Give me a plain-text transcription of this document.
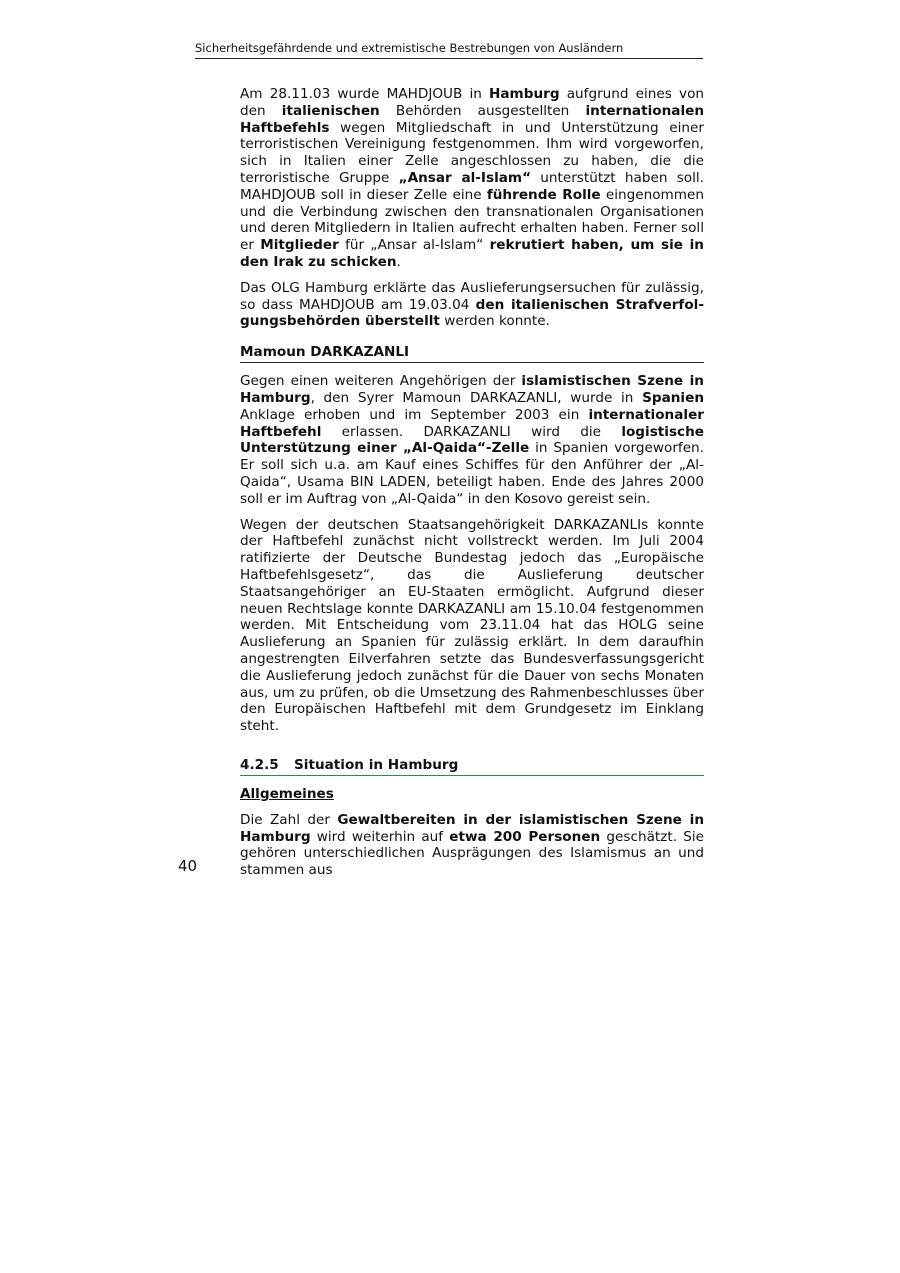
Sicherheitsgefährdende und extremistische Bestrebungen von Ausländern

Am 28.11.03 wurde MAHDJOUB in Hamburg aufgrund eines von den italienischen Behörden ausgestellten internationalen Haftbefehls wegen Mitgliedschaft in und Unterstützung einer terroristischen Vereinigung festgenommen. Ihm wird vorgeworfen, sich in Italien einer Zelle angeschlossen zu haben, die die terroristische Gruppe „Ansar al-Islam“ unterstützt haben soll. MAHDJOUB soll in dieser Zelle eine führende Rolle eingenommen und die Verbindung zwischen den transnationalen Organisationen und deren Mitgliedern in Italien aufrecht erhalten haben. Ferner soll er Mitglieder für „Ansar al-Islam“ rekrutiert haben, um sie in den Irak zu schicken.

Das OLG Hamburg erklärte das Auslieferungsersuchen für zulässig, so dass MAHDJOUB am 19.03.04 den italienischen Strafverfolgungsbehörden überstellt werden konnte.

Mamoun DARKAZANLI

Gegen einen weiteren Angehörigen der islamistischen Szene in Hamburg, den Syrer Mamoun DARKAZANLI, wurde in Spanien Anklage erhoben und im September 2003 ein internationaler Haftbefehl erlassen. DARKAZANLI wird die logistische Unterstützung einer „Al-Qaida“-Zelle in Spanien vorgeworfen. Er soll sich u.a. am Kauf eines Schiffes für den Anführer der „Al-Qaida“, Usama BIN LADEN, beteiligt haben. Ende des Jahres 2000 soll er im Auftrag von „Al-Qaida“ in den Kosovo gereist sein.

Wegen der deutschen Staatsangehörigkeit DARKAZANLIs konnte der Haftbefehl zunächst nicht vollstreckt werden. Im Juli 2004 ratifizierte der Deutsche Bundestag jedoch das „Europäische Haftbefehlsgesetz“, das die Auslieferung deutscher Staatsangehöriger an EU-Staaten ermöglicht. Aufgrund dieser neuen Rechtslage konnte DARKAZANLI am 15.10.04 festgenommen werden. Mit Entscheidung vom 23.11.04 hat das HOLG seine Auslieferung an Spanien für zulässig erklärt. In dem daraufhin angestrengten Eilverfahren setzte das Bundesverfassungsgericht die Auslieferung jedoch zunächst für die Dauer von sechs Monaten aus, um zu prüfen, ob die Umsetzung des Rahmenbeschlusses über den Europäischen Haftbefehl mit dem Grundgesetz im Einklang steht.

4.2.5 Situation in Hamburg
Allgemeines

Die Zahl der Gewaltbereiten in der islamistischen Szene in Hamburg wird weiterhin auf etwa 200 Personen geschätzt. Sie gehören unterschiedlichen Ausprägungen des Islamismus an und stammen aus

40
